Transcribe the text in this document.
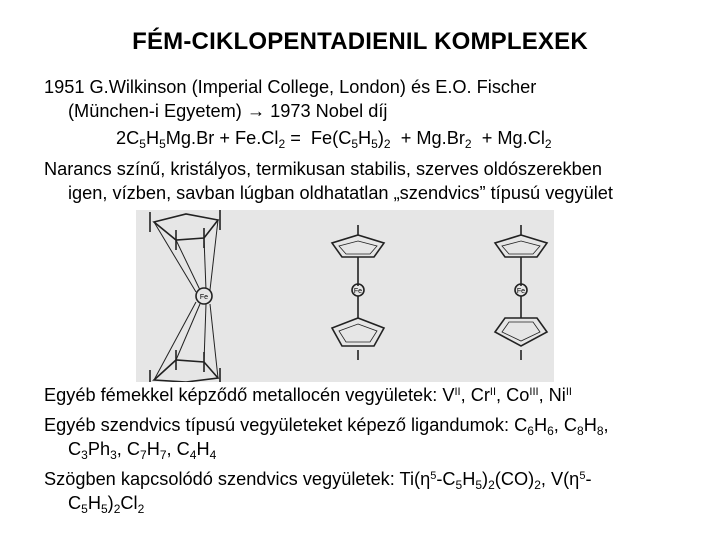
FÉM-CIKLOPENTADIENIL KOMPLEXEK
1951 G.Wilkinson (Imperial College, London) és E.O. Fischer
(München-i Egyetem) → 1973 Nobel díj
$2C_5H_5Mg.Br + Fe.Cl_2 = Fe(C_5H_5)_2 + Mg.Br_2 + Mg.Cl_2$
Narancs színű, kristályos, termikusan stabilis, szerves oldószerekben
igen, vízben, savban lúgban oldhatatlan „szendvics” típusú vegyület
Fe
Fe	Fe
Egyéb fémekkel képződő metallocén vegyületek: $V^{II}$, $Cr^{II}$, $Co^{III}$, $Ni^{II}$
Egyéb szendvics típusú vegyületeket képező ligandumok: $C_6H_6$, $C_8H_8$,
$C_3Ph_3$, $C_7H_7$, $C_4H_4$
Szögben kapcsolódó szendvics vegyületek: $Ti(\eta^5-C_5H_5)_2(CO)_2$, $V(\eta^5-$
$C_5H_5)_2Cl_2$
